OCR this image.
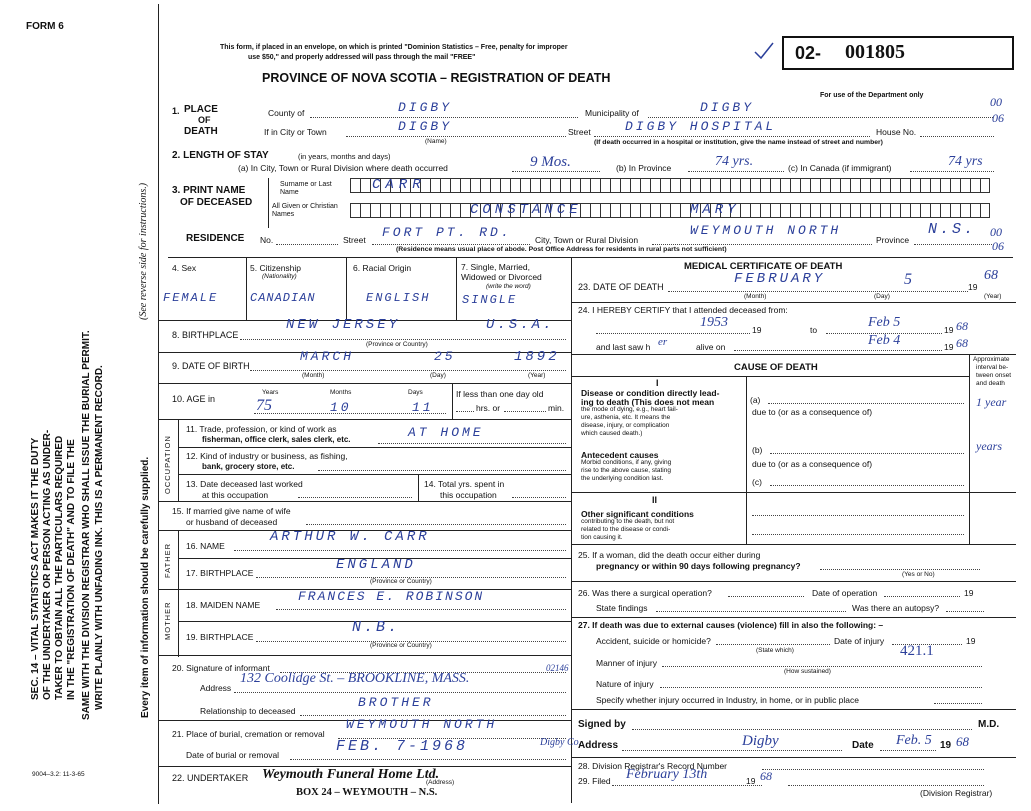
FORM 6
SEC. 14 – VITAL STATISTICS ACT MAKES IT THE DUTY OF THE UNDERTAKER OR PERSON ACTING AS UNDER- TAKER TO OBTAIN ALL THE PARTICULARS REQUIRED IN THE "REGISTRATION OF DEATH" AND TO FILE THE SAME WITH THE DIVISION REGISTRAR WHO SHALL ISSUE THE BURIAL PERMIT. WRITE PLAINLY WITH UNFADING INK. THIS IS A PERMANENT RECORD.
(See reverse side for instructions.)
Every item of information should be carefully supplied.
This form, if placed in an envelope, on which is printed "Dominion Statistics – Free, penalty for improper
use $50," and properly addressed will pass through the mail "FREE"
PROVINCE OF NOVA SCOTIA – REGISTRATION OF DEATH
02- 001805
For use of the Department only	00
06
00
06
1. PLACE
OF
DEATH
County of	DIGBY	Municipality of	DIGBY
If in City or Town	DIGBY
(Name)
Street	DIGBY HOSPITAL	House No.
(If death occurred in a hospital or institution, give the name instead of street and number)
2. LENGTH OF STAY	(in years, months and days)
(a) In City, Town or Rural Division where death occurred	9 Mos.	(b) In Province	74 yrs.	(c) In Canada (if immigrant)	74 yrs
3. PRINT NAME
OF DECEASED
Surname or Last Name
All Given or Christian Names
CARR
CONSTANCE	MARY
RESIDENCE No.	Street FORT PT. RD.	City, Town or Rural Division
WEYMOUTH NORTH
Province
N.S.
(Residence means usual place of abode. Post Office Address for residents in rural parts not sufficient)
4. Sex
FEMALE
5. Citizenship
(Nationality)
CANADIAN
6. Racial Origin
ENGLISH
7. Single, Married, Widowed or Divorced
(write the word)
SINGLE
8. BIRTHPLACE
NEW JERSEY	U.S.A.
(Province or Country)
9. DATE OF BIRTH
MARCH	25	1892
(Month)	(Day)	(Year)
10. AGE in
Years
75
Months
10
Days
11
If less than one day old
hrs. or	min.
OCCUPATION
11. Trade, profession, or kind of work as
fisherman, office clerk, sales clerk, etc.	AT HOME
12. Kind of industry or business, as fishing,
bank, grocery store, etc.
13. Date deceased last worked
at this occupation
14. Total yrs. spent in
this occupation
15. If married give name of wife
or husband of deceased
FATHER 16. NAME
ARTHUR W. CARR
17. BIRTHPLACE	ENGLAND
(Province or Country)
MOTHER 18. MAIDEN NAME
FRANCES E. ROBINSON
19. BIRTHPLACE
N.B.
(Province or Country)
20. Signature of informant
Address
132 Coolidge St. – BROOKLINE, MASS.
02146
Relationship to deceased
BROTHER
21. Place of burial, cremation or removal
WEYMOUTH NORTH
Date of burial or removal	FEB. 7-1968	Digby Co.
22. UNDERTAKER Weymouth Funeral Home Ltd.
BOX 24 – WEYMOUTH – N.S.
(Address)
9004–3.2: 11-3-65
MEDICAL CERTIFICATE OF DEATH
23. DATE OF DEATH	FEBRUARY	5	19
68
(Month)	(Day)	(Year)
24. I HEREBY CERTIFY that I attended deceased from:
1953	19	to	Feb 5	19 68
and last saw h er	alive on	Feb 4	19 68
CAUSE OF DEATH
Approximate
interval be-
tween onset
and death
I
Disease or condition directly lead-
ing to death (This does not mean
the mode of dying, e.g., heart fail-
ure, asthenia, etc. It means the
disease, injury, or complication
which caused death.)
(a)	1 year
due to (or as a consequence of)
Antecedent causes
Morbid conditions, if any, giving
rise to the above cause, stating
the underlying condition last.
(b)	years
due to (or as a consequence of)
(c)
II
Other significant conditions
contributing to the death, but not
related to the disease or condi-
tion causing it.
25. If a woman, did the death occur either during
pregnancy or within 90 days following pregnancy?
(Yes or No)
26. Was there a surgical operation?	Date of operation	19
State findings	Was there an autopsy?
27. If death was due to external causes (violence) fill in also the following: –
Accident, suicide or homicide?	Date of injury	19
(State which)	421.1
Manner of injury
(How sustained)
Nature of injury
Specify whether injury occurred in Industry, in home, or in public place
Signed by	M.D.
Address	Digby	Date Feb. 5 19 68
28. Division Registrar's Record Number
29. Filed February 13th	19 68
(Division Registrar)
